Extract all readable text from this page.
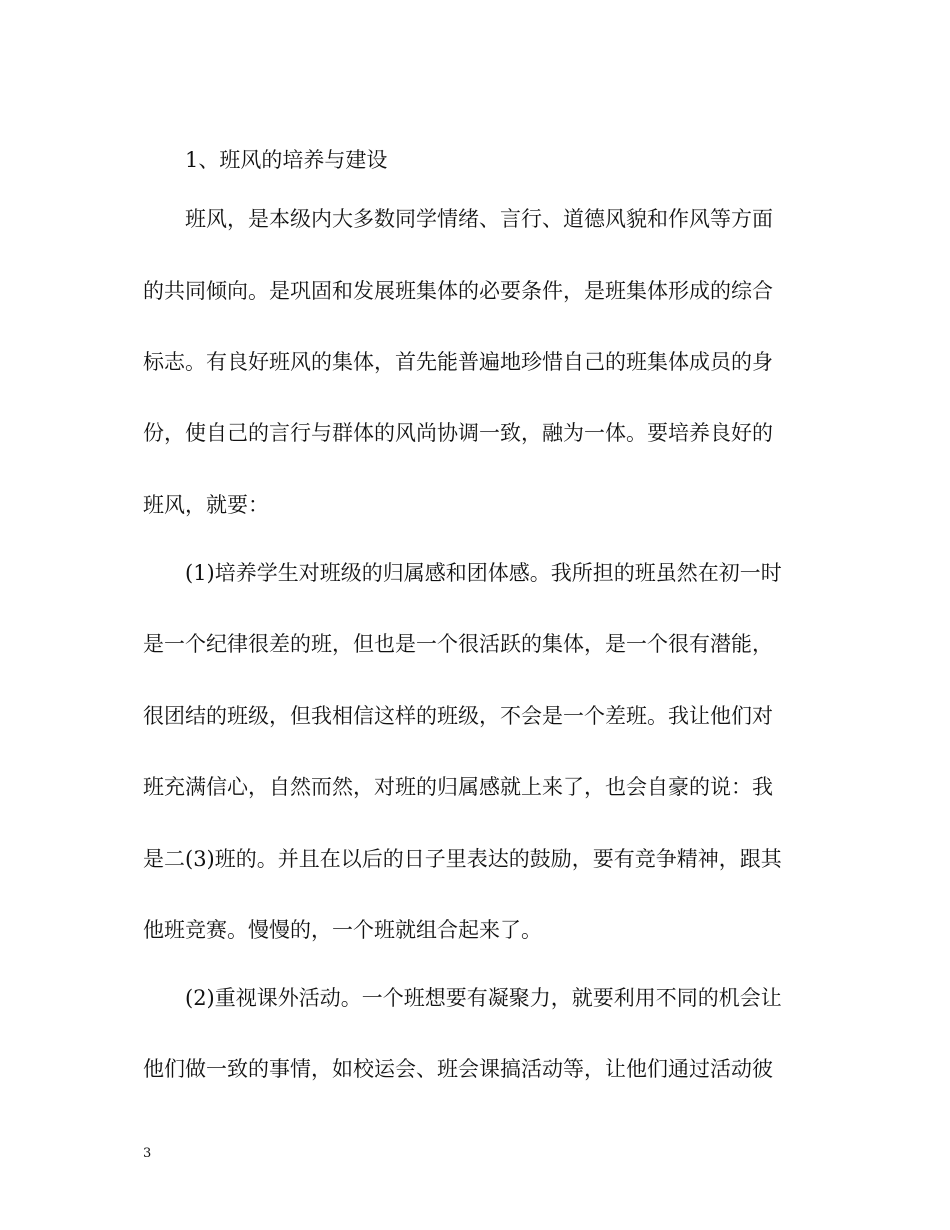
1、班风的培养与建设
班风，是本级内大多数同学情绪、言行、道德风貌和作风等方面
的共同倾向。是巩固和发展班集体的必要条件，是班集体形成的综合
标志。有良好班风的集体，首先能普遍地珍惜自己的班集体成员的身
份，使自己的言行与群体的风尚协调一致，融为一体。要培养良好的
班风，就要：
(1)培养学生对班级的归属感和团体感。我所担的班虽然在初一时
是一个纪律很差的班，但也是一个很活跃的集体，是一个很有潜能，
很团结的班级，但我相信这样的班级，不会是一个差班。我让他们对
班充满信心，自然而然，对班的归属感就上来了，也会自豪的说：我
是二(3)班的。并且在以后的日子里表达的鼓励，要有竞争精神，跟其
他班竞赛。慢慢的，一个班就组合起来了。
(2)重视课外活动。一个班想要有凝聚力，就要利用不同的机会让
他们做一致的事情，如校运会、班会课搞活动等，让他们通过活动彼
3
